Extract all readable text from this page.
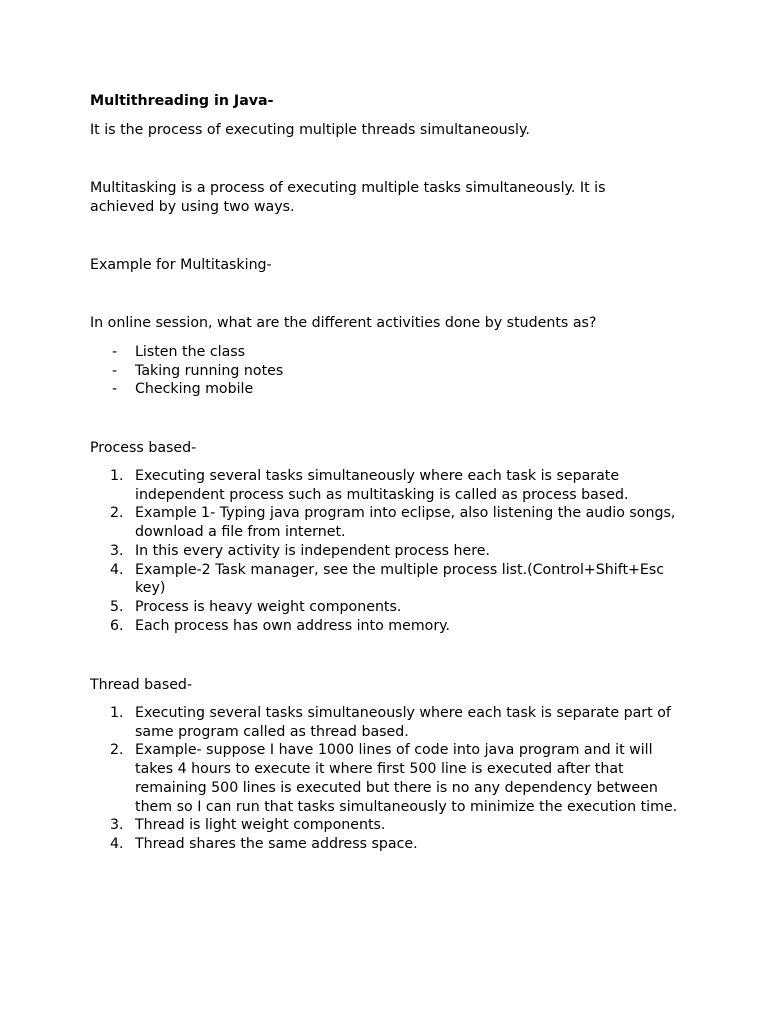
Multithreading in Java-

It is the process of executing multiple threads simultaneously.

Multitasking is a process of executing multiple tasks simultaneously. It is

achieved by using two ways.

Example for Multitasking-

In online session, what are the different activities done by students as?

- Listen the class
- Taking running notes
- Checking mobile

Process based-

1. Executing several tasks simultaneously where each task is separate independent process such as multitasking is called as process based.
2. Example 1- Typing java program into eclipse, also listening the audio songs, download a file from internet.
3. In this every activity is independent process here.
4. Example-2 Task manager, see the multiple process list.(Control+Shift+Esc key)
5. Process is heavy weight components.
6. Each process has own address into memory.

Thread based-

1. Executing several tasks simultaneously where each task is separate part of same program called as thread based.
2. Example- suppose I have 1000 lines of code into java program and it will takes 4 hours to execute it where first 500 line is executed after that remaining 500 lines is executed but there is no any dependency between them so I can run that tasks simultaneously to minimize the execution time.
3. Thread is light weight components.
4. Thread shares the same address space.
